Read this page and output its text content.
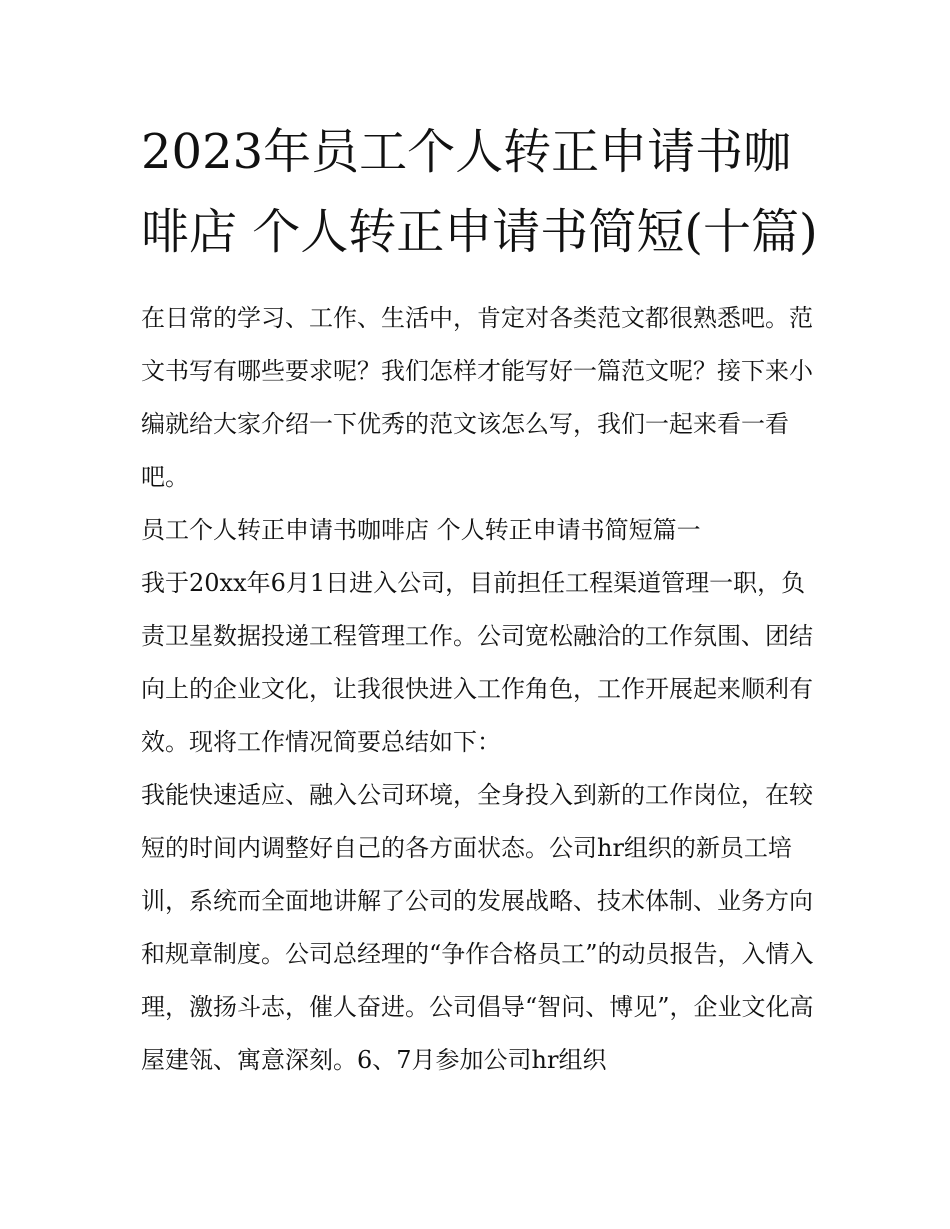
2023年员工个人转正申请书咖啡店 个人转正申请书简短(十篇)

在日常的学习、工作、生活中，肯定对各类范文都很熟悉吧。范文书写有哪些要求呢？我们怎样才能写好一篇范文呢？接下来小编就给大家介绍一下优秀的范文该怎么写，我们一起来看一看吧。

员工个人转正申请书咖啡店 个人转正申请书简短篇一

我于20xx年6月1日进入公司，目前担任工程渠道管理一职，负责卫星数据投递工程管理工作。公司宽松融洽的工作氛围、团结向上的企业文化，让我很快进入工作角色，工作开展起来顺利有效。现将工作情况简要总结如下：

我能快速适应、融入公司环境，全身投入到新的工作岗位，在较短的时间内调整好自己的各方面状态。公司hr组织的新员工培训，系统而全面地讲解了公司的发展战略、技术体制、业务方向和规章制度。公司总经理的“争作合格员工”的动员报告，入情入理，激扬斗志，催人奋进。公司倡导“智问、博见”，企业文化高屋建瓴、寓意深刻。6、7月参加公司hr组织
